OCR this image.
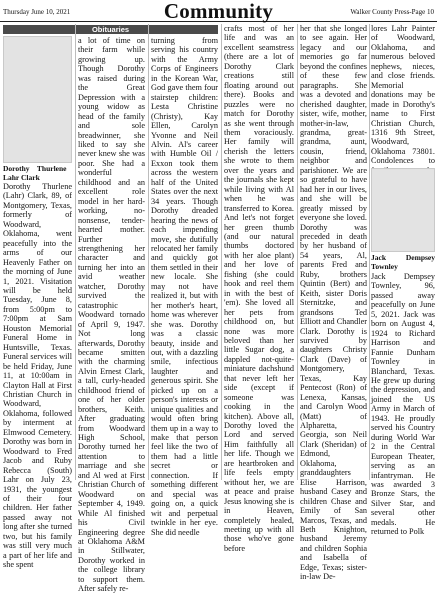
Thursday June 10, 2021	Community	Walker County Press-Page 10
Obituaries
Dorothy    Thurlene
Lahr Clark

Dorothy Thurlene (Lahr) Clark, 89, of Montgomery, Texas, formerly of Woodward, Oklahoma, went peacefully into the arms of our Heavenly Father on the morning of June 1, 2021. Visitation will be held Tuesday, June 8, from 5:00pm to 7:00pm at Sam Houston Memorial Funeral Home in Huntsville, Texas. Funeral services will be held Friday, June 11, at 10:00am in Clayton Hall at First Christian Church in Woodward, Oklahoma, followed by interment at Elmwood Cemetery. Dorothy was born in Woodward to Fred Jacob and Ruby Rebecca (South) Lahr on July 23, 1931, the youngest of their four children. Her father passed away not long after she turned two, but his family was still very much a part of her life and she spent

a lot of time on their farm while growing up. Though Dorothy was raised during the Great Depression with a young widow as head of the family and sole breadwinner, she liked to say she never knew she was poor. She had a wonderful childhood and an excellent role model in her hard-working, no-nonsense, tender-hearted mother. Further strengthening her character and turning her into an avid weather watcher, Dorothy survived the catastrophic Woodward tornado of April 9, 1947. Not long afterwards, Dorothy became smitten with the charming Alvin Ernest Clark, a tall, curly-headed childhood friend of one of her older brothers, Keith. After graduating from Woodward High School, Dorothy turned her attention to marriage and she and Al wed at First Christian Church of Woodward on September 4, 1949. While Al finished his Civil Engineering degree at Oklahoma A&M in Stillwater, Dorothy worked in the college library to support them. After safely re-

turning from serving his country with the Army Corps of Engineers in the Korean War, God gave them four stairstep children: Lesta Christine (Christy), Kay Ellen, Carolyn Yvonne and Neil Alvin. Al's career with Humble Oil / Exxon took them across the western half of the United States over the next 34 years. Though Dorothy dreaded hearing the news of each impending move, she dutifully relocated her family and quickly got them settled in their new locale. She may not have realized it, but with her mother's heart, home was wherever she was. Dorothy was a classic beauty, inside and out, with a dazzling smile, infectious laughter and generous spirit. She picked up on a person's interests or unique qualities and would often bring them up in a way to make that person feel like the two of them had a little secret or connection. If something different and special was going on, a quick wit and perpetual twinkle in her eye. She did needle

crafts most of her life and was an excellent seamstress (there are a lot of Dorothy Clark creations still floating around out there). Books and puzzles were no match for Dorothy as she went through them voraciously. Her family will cherish the letters she wrote to them over the years and the journals she kept while living with Al when he was transferred to Korea. And let's not forget her green thumb (and our natural thumbs doctored with her aloe plant) and her love of fishing (she could hook and reel them in with the best of 'em). She loved all her pets from childhood on, but none was more beloved than her little Sugar dog, a dappled not-quite-miniature dachshund that never left her side (except if someone was cooking in the kitchen). Above all, Dorothy loved the Lord and served Him faithfully all her life. Though we are heartbroken and life feels empty without her, we are at peace and praise Jesus knowing she is in Heaven, completely healed, meeting up with all those who've gone before

her that she longed to see again. Her legacy and our memories go far beyond the confines of these few paragraphs. She was a devoted and cherished daughter, sister, wife, mother, mother-in-law, grandma, great-grandma, aunt, cousin, friend, neighbor and parishioner. We are so grateful to have had her in our lives, and she will be greatly missed by everyone she loved. Dorothy was preceded in death by her husband of 54 years, Al, parents Fred and Ruby, brothers Quintin (Bert) and Keith, sister Doris Sternitzke, and grandsons Ted Elliott and Chandler Clark. Dorothy is survived by daughters Christy Clark (Dave) of Montgomery, Texas, Kay Pentecost (Ron) of Lenexa, Kansas, and Carolyn Wood (Matt) of Alpharetta, Georgia, son Neil Clark (Sheridan) of Edmond, Oklahoma, granddaughters Elise Harrison, husband Casey and children Chase and Emily of San Marcos, Texas, and Beth Knighton, husband Jeremy and children Sophia and Isabella of Edge, Texas; sister-in-law De-

lores Lahr Painter of Woodward, Oklahoma, and numerous beloved nephews, nieces, and close friends. Memorial donations may be made in Dorothy's name to First Christian Church, 1316 9th Street, Woodward, Oklahoma 73801. Condolences to

Jack	Dempsey
Townley

Jack Dempsey Townley, 96, passed away peacefully on June 5, 2021. Jack was born on August 4, 1924 to Richard Harrison and Fannie Dunham Townley in Blanchard, Texas. He grew up during the depression, and joined the US Army in March of 1943. He proudly served his Country during World War 2 in the Central European Theater, serving as an infantryman. He was awarded 3 Bronze Stars, the Silver Star, and several other medals. He returned to Polk
